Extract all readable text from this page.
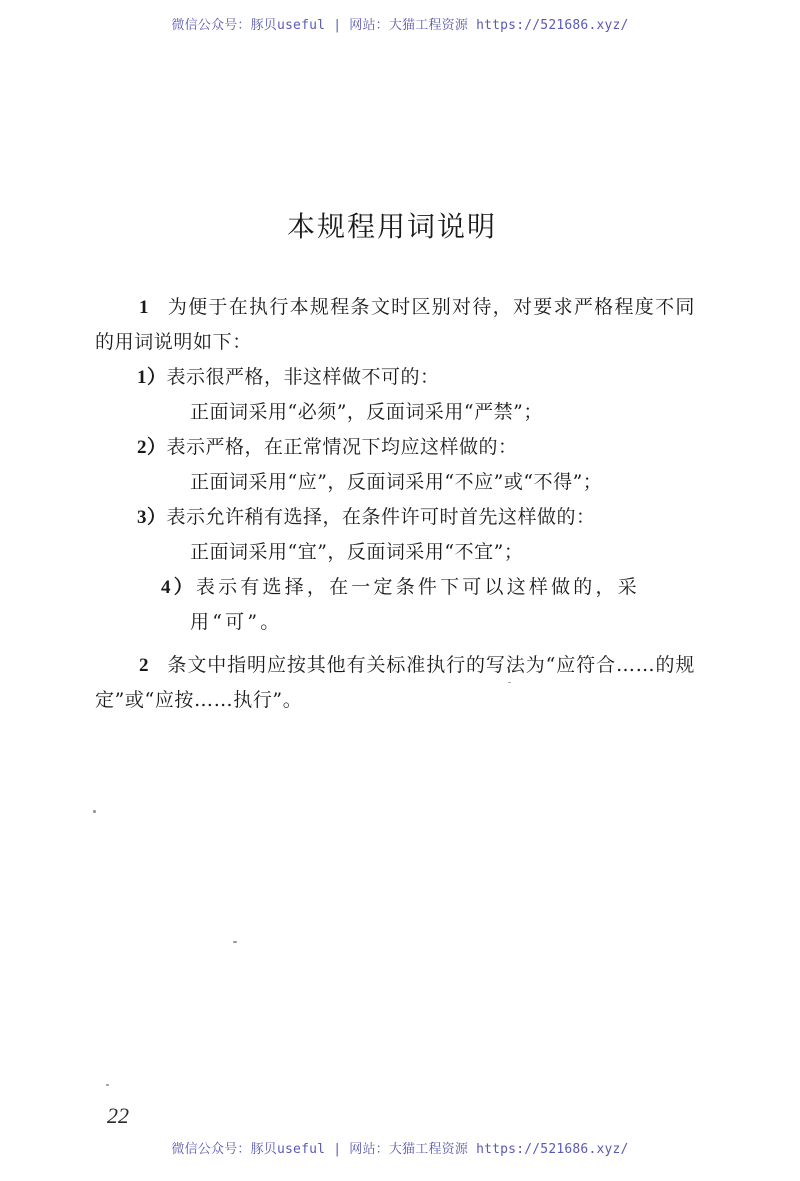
微信公众号：豚贝useful | 网站：大猫工程资源 https://521686.xyz/
本规程用词说明

1 为便于在执行本规程条文时区别对待，对要求严格程度不同的用词说明如下：

1）表示很严格，非这样做不可的：

正面词采用“必须”，反面词采用“严禁”；

2）表示严格，在正常情况下均应这样做的：

正面词采用“应”，反面词采用“不应”或“不得”；

3）表示允许稍有选择，在条件许可时首先这样做的：

正面词采用“宜”，反面词采用“不宜”；

4）表示有选择，在一定条件下可以这样做的，采用“可”。

2 条文中指明应按其他有关标准执行的写法为“应符合……的规定”或“应按……执行”。

22
微信公众号：豚贝useful | 网站：大猫工程资源 https://521686.xyz/
